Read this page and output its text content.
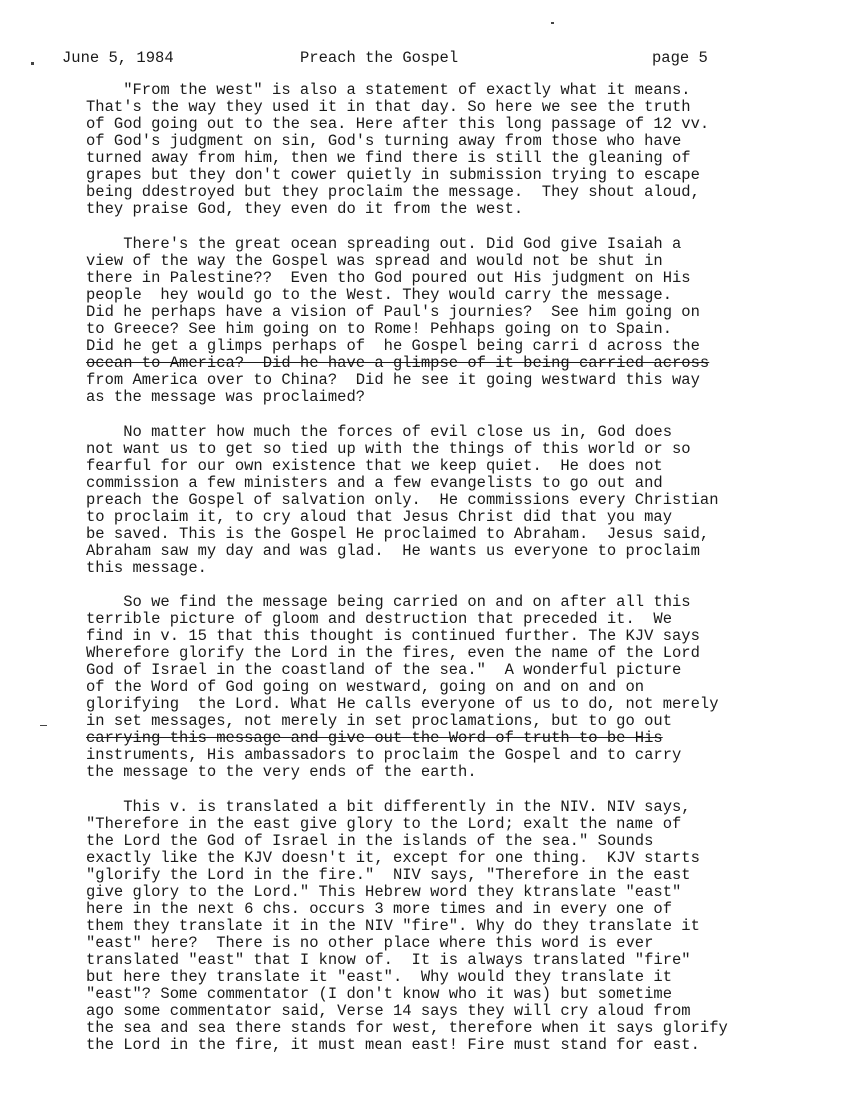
June 5, 1984	Preach the Gospel	page 5
"From the west" is also a statement of exactly what it means.
That's the way they used it in that day. So here we see the truth
of God going out to the sea. Here after this long passage of 12 vv.
of God's judgment on sin, God's turning away from those who have
turned away from him, then we find there is still the gleaning of
grapes but they don't cower quietly in submission trying to escape
being ddestroyed but they proclaim the message.  They shout aloud,
they praise God, they even do it from the west.
There's the great ocean spreading out. Did God give Isaiah a
view of the way the Gospel was spread and would not be shut in
there in Palestine??  Even tho God poured out His judgment on His
people  hey would go to the West. They would carry the message.
Did he perhaps have a vision of Paul's journies?  See him going on
to Greece? See him going on to Rome! Pehhaps going on to Spain.
Did he get a glimps perhaps of  he Gospel being carri d across the
ocean to America?  Did he have a glimpse of it being carried across
from America over to China?  Did he see it going westward this way
as the message was proclaimed?
No matter how much the forces of evil close us in, God does
not want us to get so tied up with the things of this world or so
fearful for our own existence that we keep quiet.  He does not
commission a few ministers and a few evangelists to go out and
preach the Gospel of salvation only.  He commissions every Christian
to proclaim it, to cry aloud that Jesus Christ did that you may
be saved. This is the Gospel He proclaimed to Abraham.  Jesus said,
Abraham saw my day and was glad.  He wants us everyone to proclaim
this message.
So we find the message being carried on and on after all this
terrible picture of gloom and destruction that preceded it.  We
find in v. 15 that this thought is continued further. The KJV says
Wherefore glorify the Lord in the fires, even the name of the Lord
God of Israel in the coastland of the sea."  A wonderful picture
of the Word of God going on westward, going on and on and on
glorifying  the Lord. What He calls everyone of us to do, not merely
in set messages, not merely in set proclamations, but to go out
carrying this message and give out the Word of truth to be His
instruments, His ambassadors to proclaim the Gospel and to carry
the message to the very ends of the earth.
This v. is translated a bit differently in the NIV. NIV says,
"Therefore in the east give glory to the Lord; exalt the name of
the Lord the God of Israel in the islands of the sea." Sounds
exactly like the KJV doesn't it, except for one thing.  KJV starts
"glorify the Lord in the fire."  NIV says, "Therefore in the east
give glory to the Lord." This Hebrew word they ktranslate "east"
here in the next 6 chs. occurs 3 more times and in every one of
them they translate it in the NIV "fire". Why do they translate it
"east" here?  There is no other place where this word is ever
translated "east" that I know of.  It is always translated "fire"
but here they translate it "east".  Why would they translate it
"east"? Some commentator (I don't know who it was) but sometime
ago some commentator said, Verse 14 says they will cry aloud from
the sea and sea there stands for west, therefore when it says glorify
the Lord in the fire, it must mean east! Fire must stand for east.
